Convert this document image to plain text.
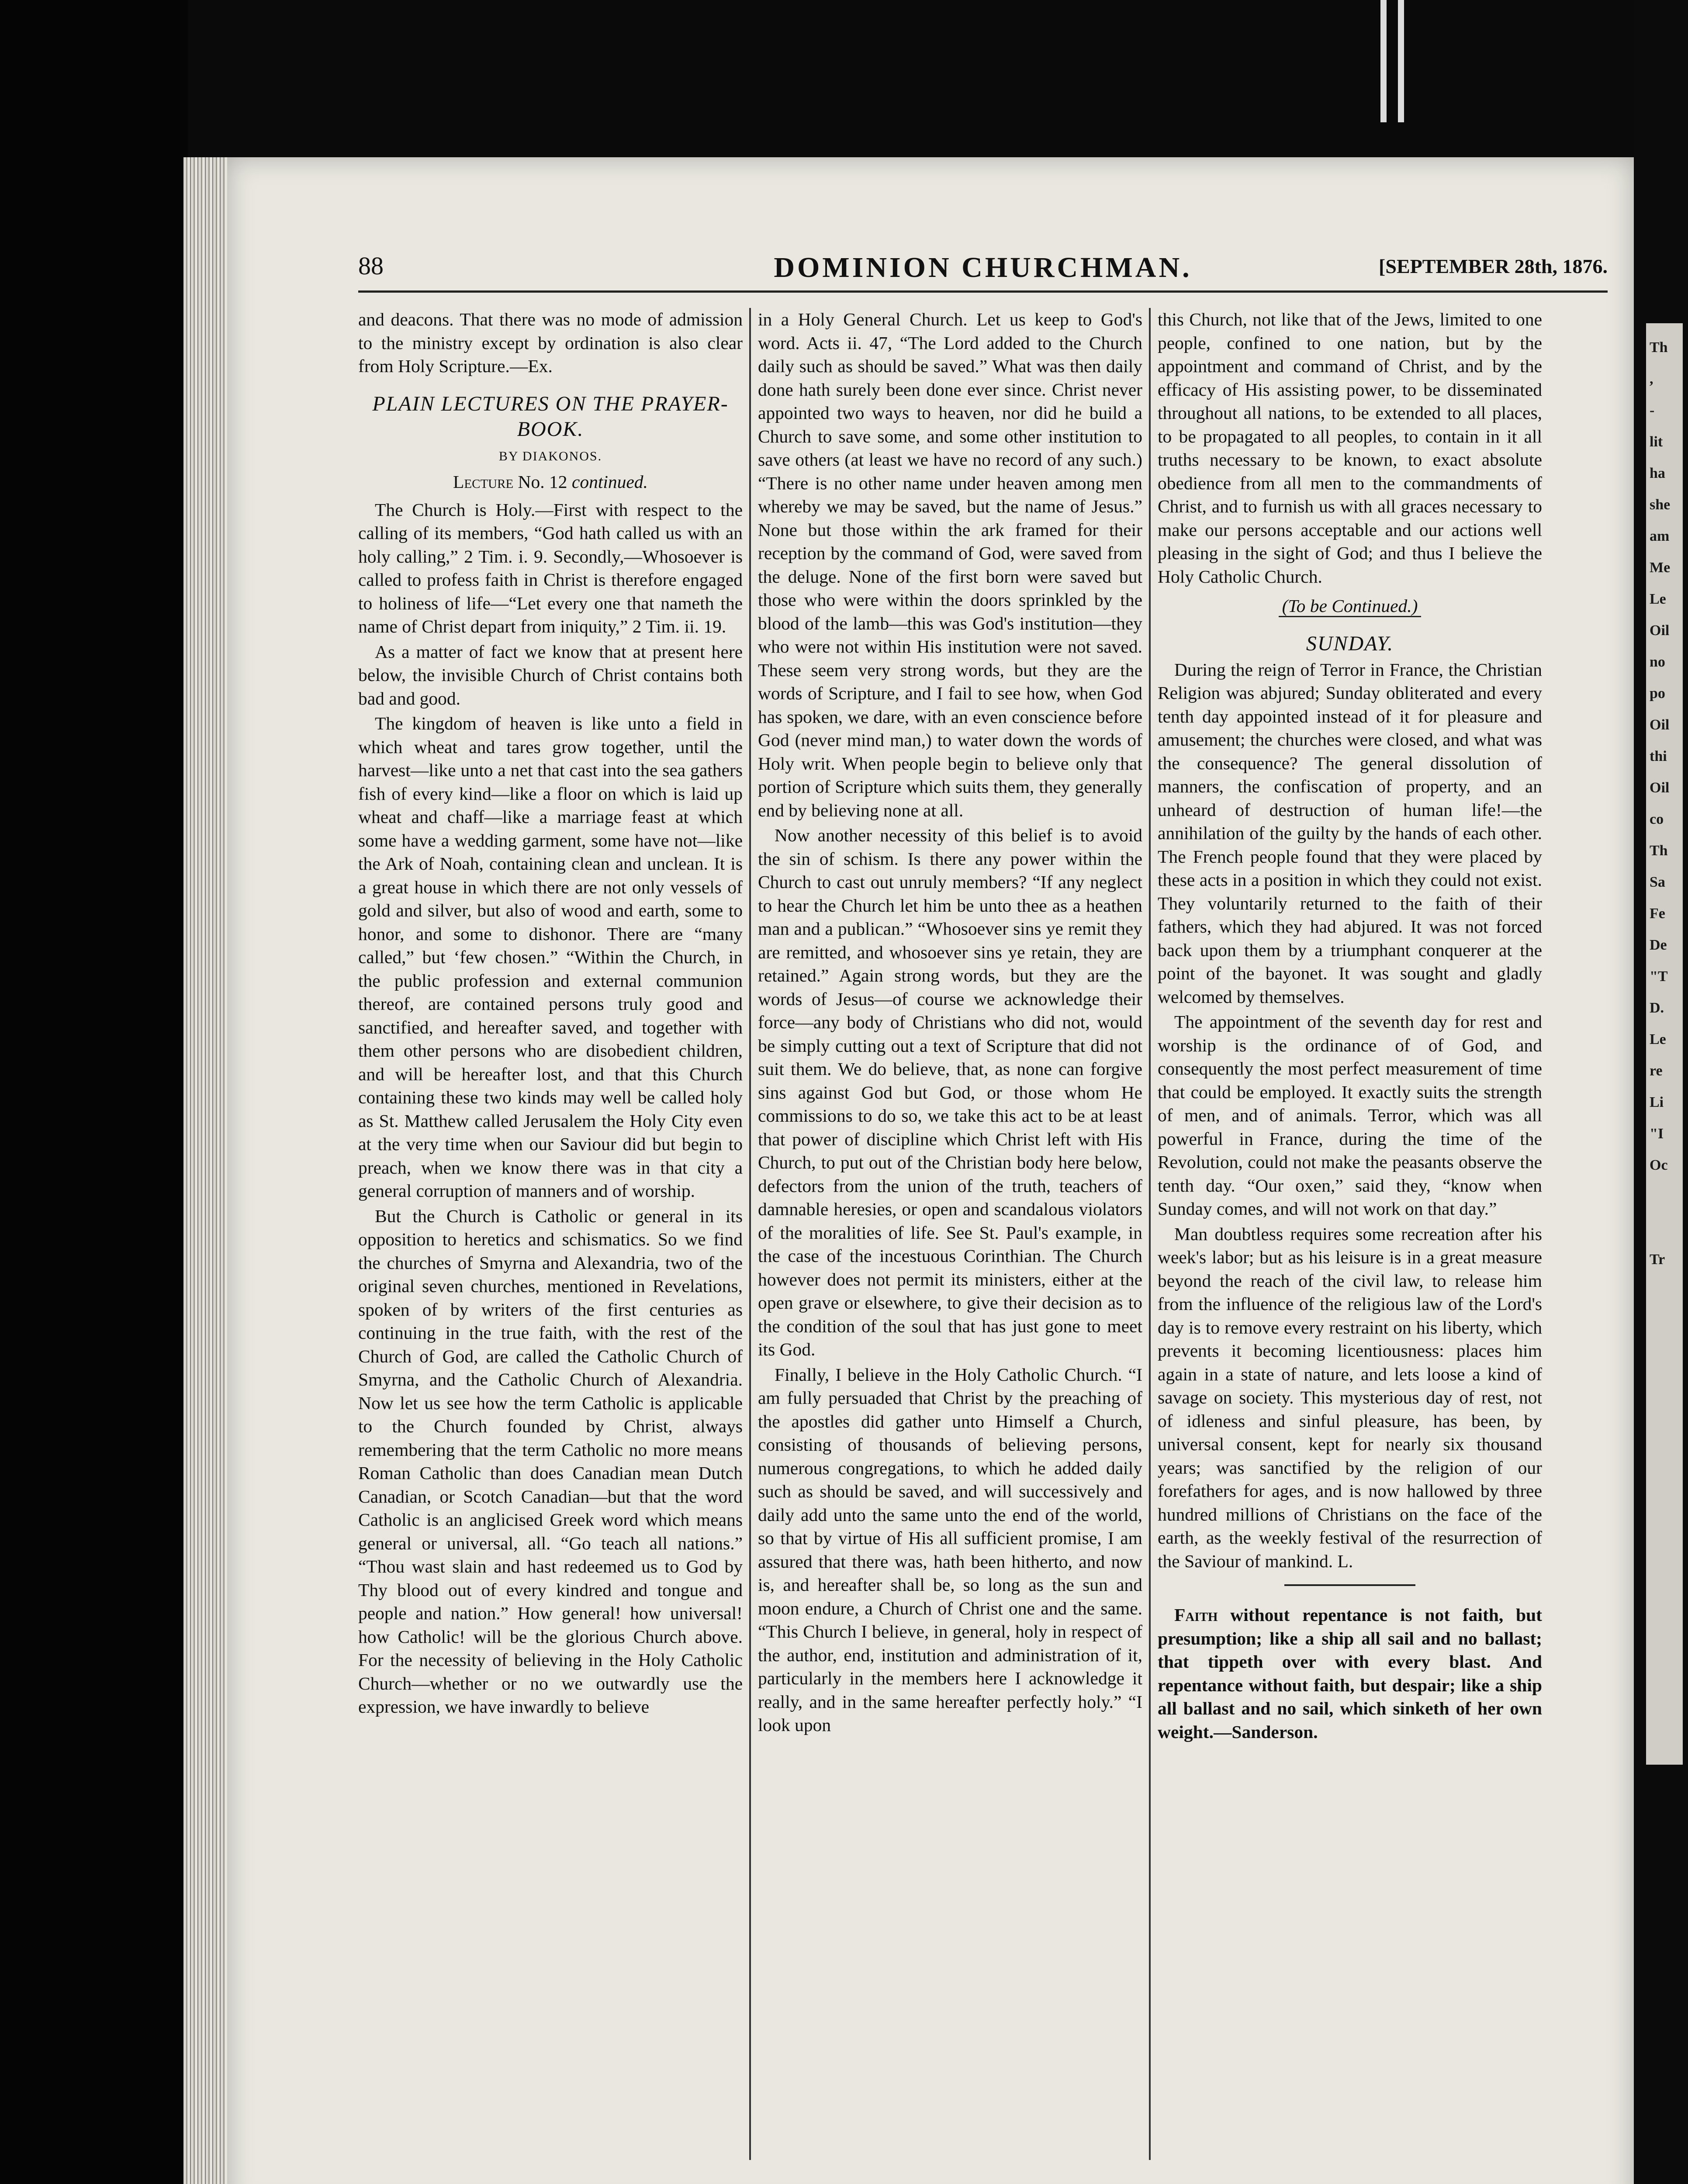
88	DOMINION CHURCHMAN.	[SEPTEMBER 28th, 1876.

and deacons. That there was no mode of admission to the ministry except by ordination is also clear from Holy Scripture.—Ex.

PLAIN LECTURES ON THE PRAYER-BOOK.

BY DIAKONOS.

Lecture No. 12 continued.

The Church is Holy.—First with respect to the calling of its members, “God hath called us with an holy calling,” 2 Tim. i. 9. Secondly,—Whosoever is called to profess faith in Christ is therefore engaged to holiness of life—“Let every one that nameth the name of Christ depart from iniquity,” 2 Tim. ii. 19.

As a matter of fact we know that at present here below, the invisible Church of Christ contains both bad and good.

The kingdom of heaven is like unto a field in which wheat and tares grow together, until the harvest—like unto a net that cast into the sea gathers fish of every kind—like a floor on which is laid up wheat and chaff—like a marriage feast at which some have a wedding garment, some have not—like the Ark of Noah, containing clean and unclean. It is a great house in which there are not only vessels of gold and silver, but also of wood and earth, some to honor, and some to dishonor. There are “many called,” but ‘few chosen.” “Within the Church, in the public profession and external communion thereof, are contained persons truly good and sanctified, and hereafter saved, and together with them other persons who are disobedient children, and will be hereafter lost, and that this Church containing these two kinds may well be called holy as St. Matthew called Jerusalem the Holy City even at the very time when our Saviour did but begin to preach, when we know there was in that city a general corruption of manners and of worship.

But the Church is Catholic or general in its opposition to heretics and schismatics. So we find the churches of Smyrna and Alexandria, two of the original seven churches, mentioned in Revelations, spoken of by writers of the first centuries as continuing in the true faith, with the rest of the Church of God, are called the Catholic Church of Smyrna, and the Catholic Church of Alexandria. Now let us see how the term Catholic is applicable to the Church founded by Christ, always remembering that the term Catholic no more means Roman Catholic than does Canadian mean Dutch Canadian, or Scotch Canadian—but that the word Catholic is an anglicised Greek word which means general or universal, all. “Go teach all nations.” “Thou wast slain and hast redeemed us to God by Thy blood out of every kindred and tongue and people and nation.” How general! how universal! how Catholic! will be the glorious Church above. For the necessity of believing in the Holy Catholic Church—whether or no we outwardly use the expression, we have inwardly to believe

in a Holy General Church. Let us keep to God's word. Acts ii. 47, “The Lord added to the Church daily such as should be saved.” What was then daily done hath surely been done ever since. Christ never appointed two ways to heaven, nor did he build a Church to save some, and some other institution to save others (at least we have no record of any such.) “There is no other name under heaven among men whereby we may be saved, but the name of Jesus.” None but those within the ark framed for their reception by the command of God, were saved from the deluge. None of the first born were saved but those who were within the doors sprinkled by the blood of the lamb—this was God's institution—they who were not within His institution were not saved. These seem very strong words, but they are the words of Scripture, and I fail to see how, when God has spoken, we dare, with an even conscience before God (never mind man,) to water down the words of Holy writ. When people begin to believe only that portion of Scripture which suits them, they generally end by believing none at all.

Now another necessity of this belief is to avoid the sin of schism. Is there any power within the Church to cast out unruly members? “If any neglect to hear the Church let him be unto thee as a heathen man and a publican.” “Whosoever sins ye remit they are remitted, and whosoever sins ye retain, they are retained.” Again strong words, but they are the words of Jesus—of course we acknowledge their force—any body of Christians who did not, would be simply cutting out a text of Scripture that did not suit them. We do believe, that, as none can forgive sins against God but God, or those whom He commissions to do so, we take this act to be at least that power of discipline which Christ left with His Church, to put out of the Christian body here below, defectors from the union of the truth, teachers of damnable heresies, or open and scandalous violators of the moralities of life. See St. Paul's example, in the case of the incestuous Corinthian. The Church however does not permit its ministers, either at the open grave or elsewhere, to give their decision as to the condition of the soul that has just gone to meet its God.

Finally, I believe in the Holy Catholic Church. “I am fully persuaded that Christ by the preaching of the apostles did gather unto Himself a Church, consisting of thousands of believing persons, numerous congregations, to which he added daily such as should be saved, and will successively and daily add unto the same unto the end of the world, so that by virtue of His all sufficient promise, I am assured that there was, hath been hitherto, and now is, and hereafter shall be, so long as the sun and moon endure, a Church of Christ one and the same. “This Church I believe, in general, holy in respect of the author, end, institution and administration of it, particularly in the members here I acknowledge it really, and in the same hereafter perfectly holy.” “I look upon

this Church, not like that of the Jews, limited to one people, confined to one nation, but by the appointment and command of Christ, and by the efficacy of His assisting power, to be disseminated throughout all nations, to be extended to all places, to be propagated to all peoples, to contain in it all truths necessary to be known, to exact absolute obedience from all men to the commandments of Christ, and to furnish us with all graces necessary to make our persons acceptable and our actions well pleasing in the sight of God; and thus I believe the Holy Catholic Church.

(To be Continued.)

SUNDAY.

During the reign of Terror in France, the Christian Religion was abjured; Sunday obliterated and every tenth day appointed instead of it for pleasure and amusement; the churches were closed, and what was the consequence? The general dissolution of manners, the confiscation of property, and an unheard of destruction of human life!—the annihilation of the guilty by the hands of each other. The French people found that they were placed by these acts in a position in which they could not exist. They voluntarily returned to the faith of their fathers, which they had abjured. It was not forced back upon them by a triumphant conquerer at the point of the bayonet. It was sought and gladly welcomed by themselves.

The appointment of the seventh day for rest and worship is the ordinance of of God, and consequently the most perfect measurement of time that could be employed. It exactly suits the strength of men, and of animals. Terror, which was all powerful in France, during the time of the Revolution, could not make the peasants observe the tenth day. “Our oxen,” said they, “know when Sunday comes, and will not work on that day.”

Man doubtless requires some recreation after his week's labor; but as his leisure is in a great measure beyond the reach of the civil law, to release him from the influence of the religious law of the Lord's day is to remove every restraint on his liberty, which prevents it becoming licentiousness: places him again in a state of nature, and lets loose a kind of savage on society. This mysterious day of rest, not of idleness and sinful pleasure, has been, by universal consent, kept for nearly six thousand years; was sanctified by the religion of our forefathers for ages, and is now hallowed by three hundred millions of Christians on the face of the earth, as the weekly festival of the resurrection of the Saviour of mankind. L.

Faith without repentance is not faith, but presumption; like a ship all sail and no ballast; that tippeth over with every blast. And repentance without faith, but despair; like a ship all ballast and no sail, which sinketh of her own weight.—Sanderson.

Th
,
-
lit
ha
she
am
Me
Le
Oil
no
po
Oil
thi
Oil
co
Th
Sa
Fe
De
"T
D.
Le
re
Li
"I
Oc

Tr
